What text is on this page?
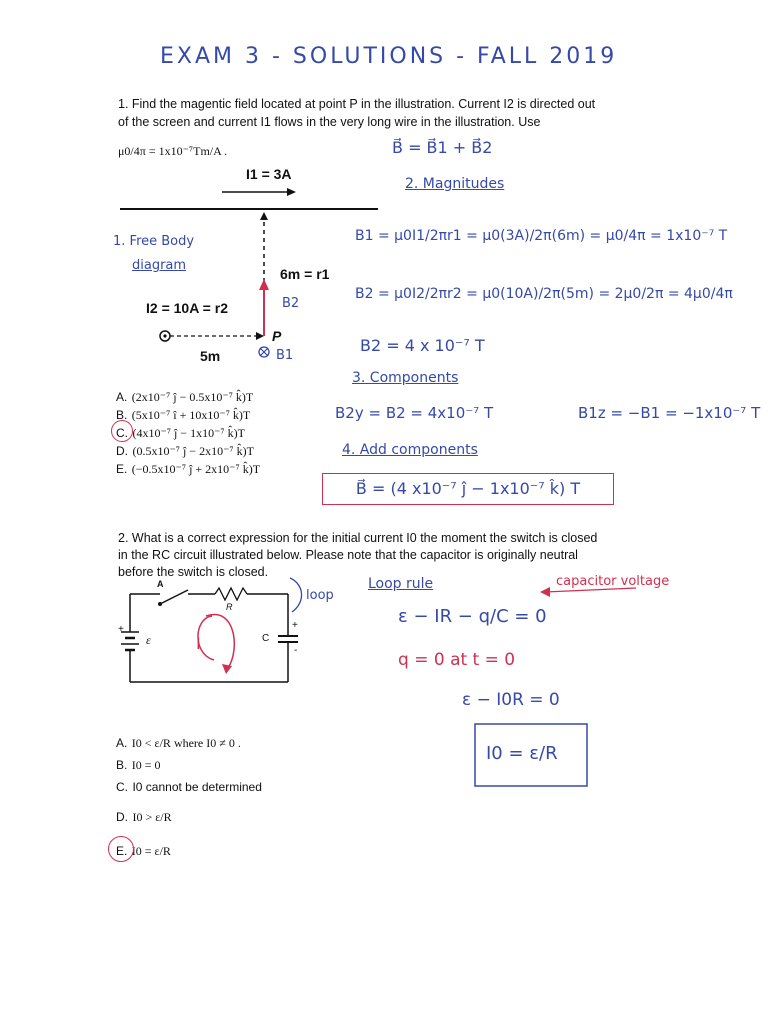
EXAM 3 - SOLUTIONS - FALL 2019
1. Find the magentic field located at point P in the illustration. Current I2 is directed out
of the screen and current I1 flows in the very long wire in the illustration. Use
μ0/4π = 1x10⁻⁷Tm/A .
I1 = 3A
I2 = 10A = r2
6m = r1
5m
P
B2
B1
1. Free Body
diagram
A. (2x10⁻⁷ ĵ − 0.5x10⁻⁷ k̂)T
B. (5x10⁻⁷ î + 10x10⁻⁷ k̂)T
C. (4x10⁻⁷ ĵ − 1x10⁻⁷ k̂)T
D. (0.5x10⁻⁷ ĵ − 2x10⁻⁷ k̂)T
E. (−0.5x10⁻⁷ ĵ + 2x10⁻⁷ k̂)T
B⃗ = B⃗1 + B⃗2
2. Magnitudes
B1 = μ0I1/2πr1 = μ0(3A)/2π(6m) = μ0/4π = 1x10⁻⁷ T
B2 = μ0I2/2πr2 = μ0(10A)/2π(5m) = 2μ0/2π = 4μ0/4π
B2 = 4 x 10⁻⁷ T
3. Components
B2y = B2 = 4x10⁻⁷ T	B1z = −B1 = −1x10⁻⁷ T
4. Add components
B⃗ = (4 x10⁻⁷ ĵ − 1x10⁻⁷ k̂) T
2. What is a correct expression for the initial current I0 the moment the switch is closed
in the RC circuit illustrated below. Please note that the capacitor is originally neutral
before the switch is closed.
A
R
ε	C
+	+
-
I
A. I0 < ε/R where I0 ≠ 0 .
B. I0 = 0
C. I0 cannot be determined
D. I0 > ε/R
E. I0 = ε/R
loop
Loop rule	capacitor voltage
ε − IR − q/C = 0
q = 0 at t = 0
ε − I0R = 0
I0 = ε/R
